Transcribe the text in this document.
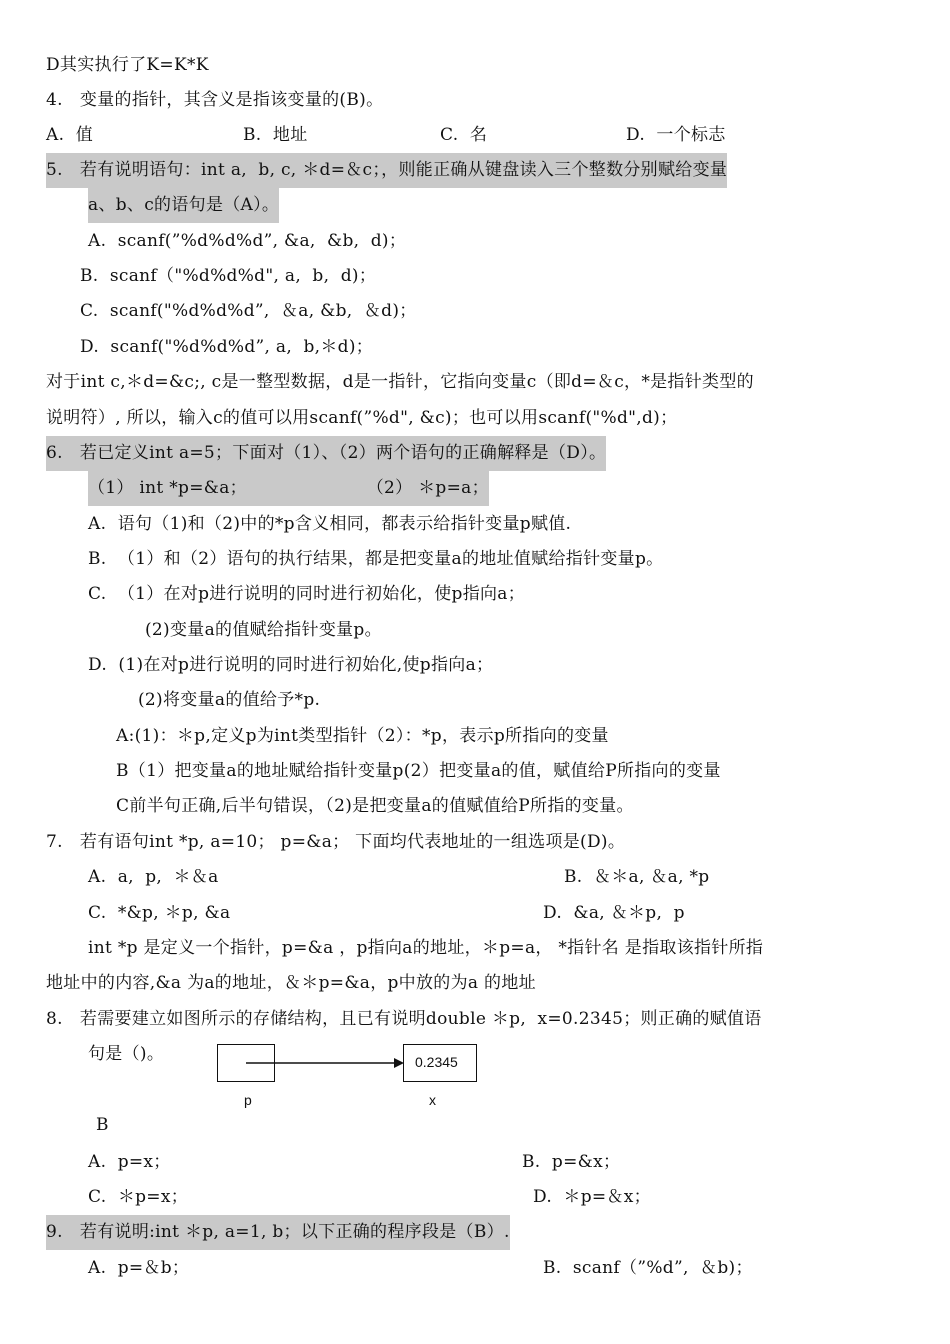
D其实执行了K=K*K
4.   变量的指针，其含义是指该变量的(B)。
A.  值	B.  地址	C.  名	D.  一个标志
5.   若有说明语句：int a,  b, c, ＊d=＆c；，则能正确从键盘读入三个整数分别赋给变量
a、b、c的语句是（A）。
A.  scanf(”%d%d%d”, &a,  &b,  d)；
B.  scanf（"%d%d%d", a,  b,  d)；
C.  scanf("%d%d%d”,  ＆a, &b,  ＆d)；
D.  scanf("%d%d%d”, a,  b,＊d)；
对于int c,＊d=&c;, c是一整型数据，d是一指针，它指向变量c（即d=＆c，*是指针类型的
说明符）, 所以，输入c的值可以用scanf(”%d", &c)；也可以用scanf("%d",d)；
6.   若已定义int a=5；下面对（1）、（2）两个语句的正确解释是（D）。
（1） int *p=&a；                     （2） ＊p=a；
A.  语句（1)和（2)中的*p含义相同，都表示给指针变量p赋值.
B.  （1）和（2）语句的执行结果，都是把变量a的地址值赋给指针变量p。
C.  （1）在对p进行说明的同时进行初始化，使p指向a；
(2)变量a的值赋给指针变量p。
D.  (1)在对p进行说明的同时进行初始化,使p指向a；
(2)将变量a的值给予*p.
A:(1)：＊p,定义p为int类型指针（2）：*p，表示p所指向的变量
B（1）把变量a的地址赋给指针变量p(2）把变量a的值，赋值给P所指向的变量
C前半句正确,后半句错误，（2)是把变量a的值赋值给P所指的变量。
7.   若有语句int *p, a=10； p=&a； 下面均代表地址的一组选项是(D)。
A.  a,  p,  ＊＆a	B.  ＆＊a, ＆a, *p
C.  *&p, ＊p, &a	D.  &a, ＆＊p,  p
int *p 是定义一个指针，p=&a ，p指向a的地址，＊p=a， *指针名 是指取该指针所指
地址中的内容,&a 为a的地址，＆＊p=&a，p中放的为a 的地址
8.   若需要建立如图所示的存储结构，且已有说明double ＊p,  x=0.2345；则正确的赋值语
句是（)。
B
A.  p=x；	B.  p=&x；
C.  ＊p=x；	D.  ＊p=＆x；
9.   若有说明:int ＊p, a=1, b；以下正确的程序段是（B）.
A.  p=＆b；	B.  scanf（”%d”,  ＆b)；
0.2345
p	x
